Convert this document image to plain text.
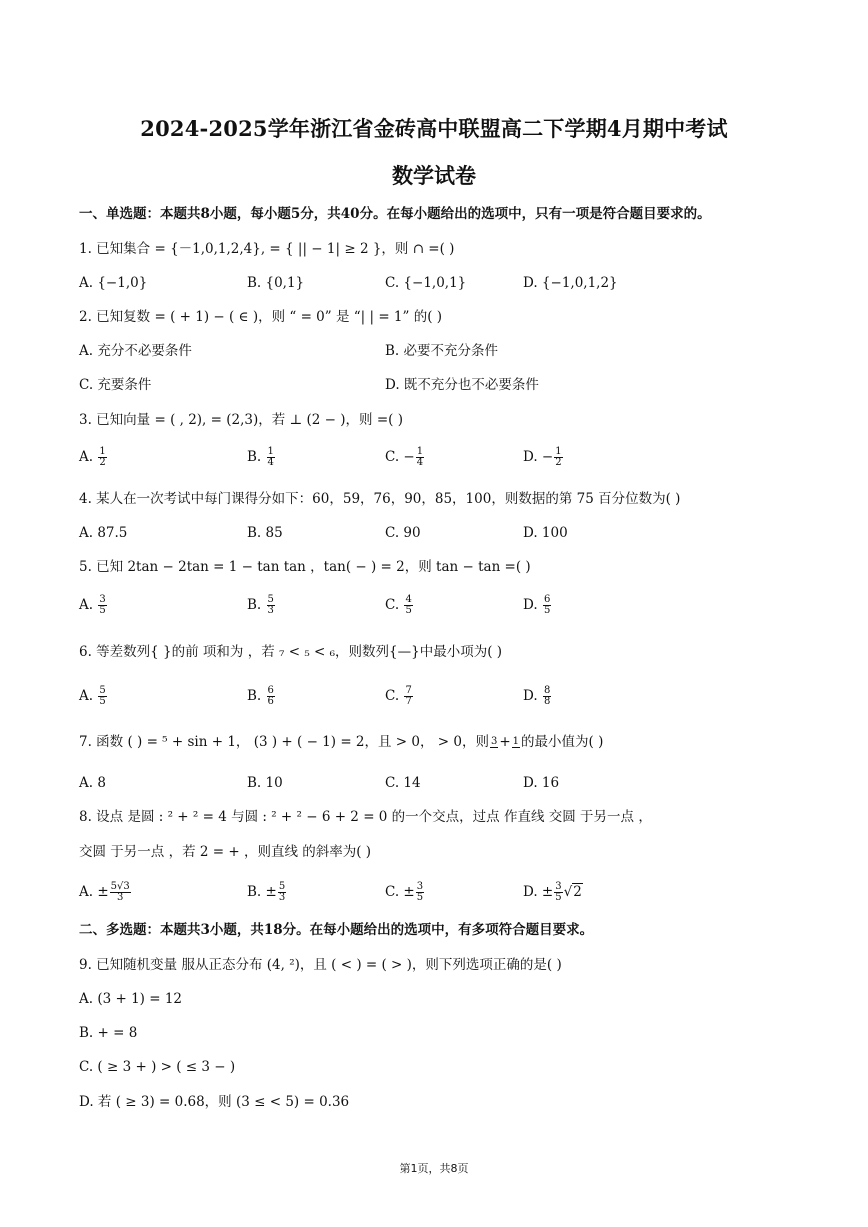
2024-2025学年浙江省金砖高中联盟高二下学期4月期中考试
数学试卷
一、单选题：本题共8小题，每小题5分，共40分。在每小题给出的选项中，只有一项是符合题目要求的。
1. 已知集合 = {－1,0,1,2,4}, = { || − 1| ≥ 2 }，则 ∩ =( )
A. {−1,0}	B. {0,1}	C. {−1,0,1}	D. {−1,0,1,2}
2. 已知复数 = ( + 1) − ( ∈ )，则 “ = 0” 是 “| | = 1” 的( )
A. 充分不必要条件	B. 必要不充分条件
C. 充要条件	D. 既不充分也不必要条件
3. 已知向量 = ( , 2), = (2,3)，若 ⊥ (2 − )，则 =( )
A. $\frac{1}{2}$	B. $\frac{1}{4}$	C. − $\frac{1}{4}$	D. − $\frac{1}{2}$
4. 某人在一次考试中每门课得分如下：60，59，76，90，85，100，则数据的第 75 百分位数为( )
A. 87.5	B. 85	C. 90	D. 100
5. 已知 2tan − 2tan = 1 − tan tan ，tan( − ) = 2，则 tan − tan =( )
A. $\frac{3}{5}$	B. $\frac{5}{3}$	C. $\frac{4}{5}$	D. $\frac{6}{5}$
6. 等差数列{ }的前 项和为 ，若 ₇ < ₅ < ₆，则数列{—}中最小项为( )
A. $\frac{5}{5}$	B. $\frac{6}{6}$	C. $\frac{7}{7}$	D. $\frac{8}{8}$
7. 函数 ( ) = ⁵ + sin + 1， (3 ) + ( − 1) = 2，且 > 0， > 0，则 3 + 1 的最小值为( )
A. 8	B. 10	C. 14	D. 16
8. 设点 是圆 : ² + ² = 4 与圆 : ² + ² − 6 + 2 = 0 的一个交点，过点 作直线 交圆 于另一点 ，
交圆 于另一点 ，若 2 = + ，则直线 的斜率为( )
A. ± $\frac{5√3}{3}$	B. ± $\frac{5}{3}$	C. ± $\frac{3}{5}$	D. ± $\frac{3}{5} √2$
二、多选题：本题共3小题，共18分。在每小题给出的选项中，有多项符合题目要求。
9. 已知随机变量 服从正态分布 (4, ²)，且 ( < ) = ( > )，则下列选项正确的是( )
A. (3 + 1) = 12
B. + = 8
C. ( ≥ 3 + ) > ( ≤ 3 − )
D. 若 ( ≥ 3) = 0.68，则 (3 ≤ < 5) = 0.36
第1页，共8页
